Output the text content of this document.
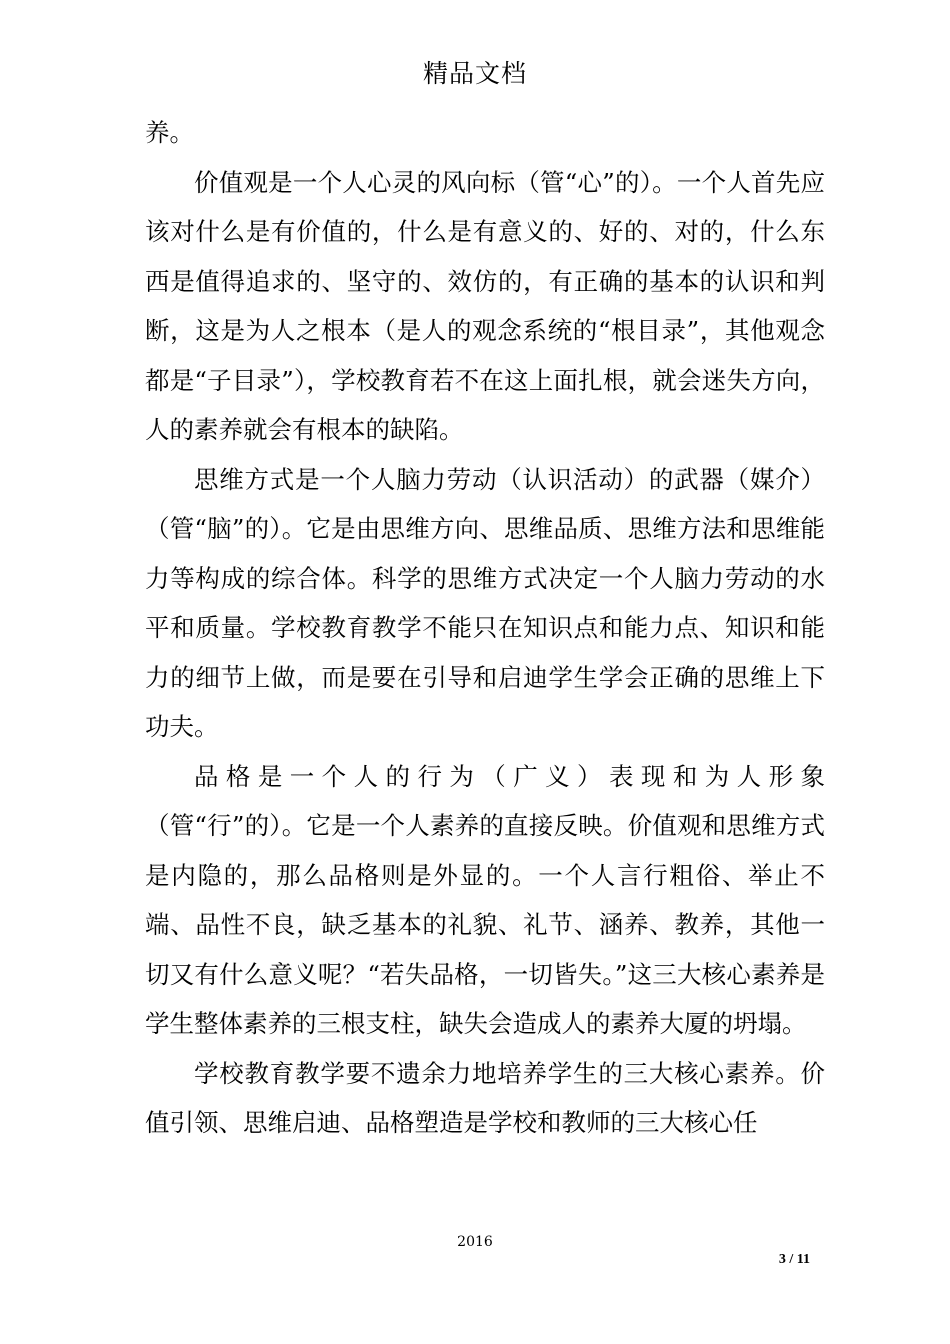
精品文档

养。

价值观是一个人心灵的风向标（管“心”的）。一个人首先应该对什么是有价值的，什么是有意义的、好的、对的，什么东西是值得追求的、坚守的、效仿的，有正确的基本的认识和判断，这是为人之根本（是人的观念系统的“根目录”，其他观念都是“子目录”），学校教育若不在这上面扎根，就会迷失方向，人的素养就会有根本的缺陷。

思维方式是一个人脑力劳动（认识活动）的武器（媒介）（管“脑”的）。它是由思维方向、思维品质、思维方法和思维能力等构成的综合体。科学的思维方式决定一个人脑力劳动的水平和质量。学校教育教学不能只在知识点和能力点、知识和能力的细节上做，而是要在引导和启迪学生学会正确的思维上下功夫。

品格是一个人的行为（广义）表现和为人形象（管“行”的）。它是一个人素养的直接反映。价值观和思维方式是内隐的，那么品格则是外显的。一个人言行粗俗、举止不端、品性不良，缺乏基本的礼貌、礼节、涵养、教养，其他一切又有什么意义呢？“若失品格，一切皆失。”这三大核心素养是学生整体素养的三根支柱，缺失会造成人的素养大厦的坍塌。

学校教育教学要不遗余力地培养学生的三大核心素养。价值引领、思维启迪、品格塑造是学校和教师的三大核心任

2016
3 / 11
